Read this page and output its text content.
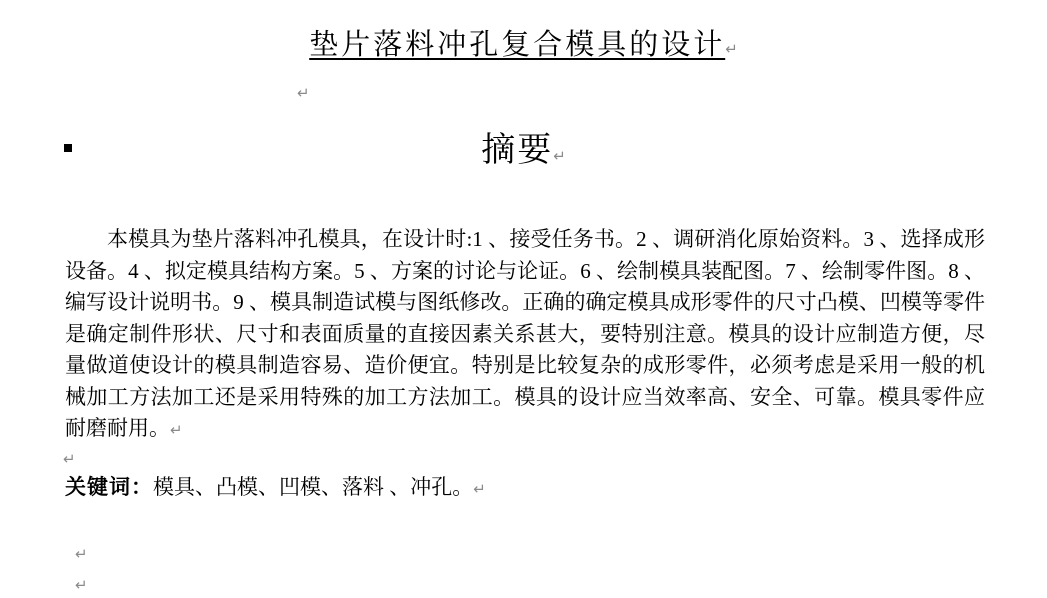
垫片落料冲孔复合模具的设计↵
↵
摘要↵
本模具为垫片落料冲孔模具，在设计时:1 、接受任务书。2 、调研消化原始资料。3 、选择成形设备。4 、拟定模具结构方案。5 、方案的讨论与论证。6 、绘制模具装配图。7 、绘制零件图。8 、编写设计说明书。9 、模具制造试模与图纸修改。正确的确定模具成形零件的尺寸凸模、凹模等零件是确定制件形状、尺寸和表面质量的直接因素关系甚大，要特别注意。模具的设计应制造方便，尽量做道使设计的模具制造容易、造价便宜。特别是比较复杂的成形零件，必须考虑是采用一般的机械加工方法加工还是采用特殊的加工方法加工。模具的设计应当效率高、安全、可靠。模具零件应耐磨耐用。↵
↵
关键词：模具、凸模、凹模、落料 、冲孔。↵
↵
↵
